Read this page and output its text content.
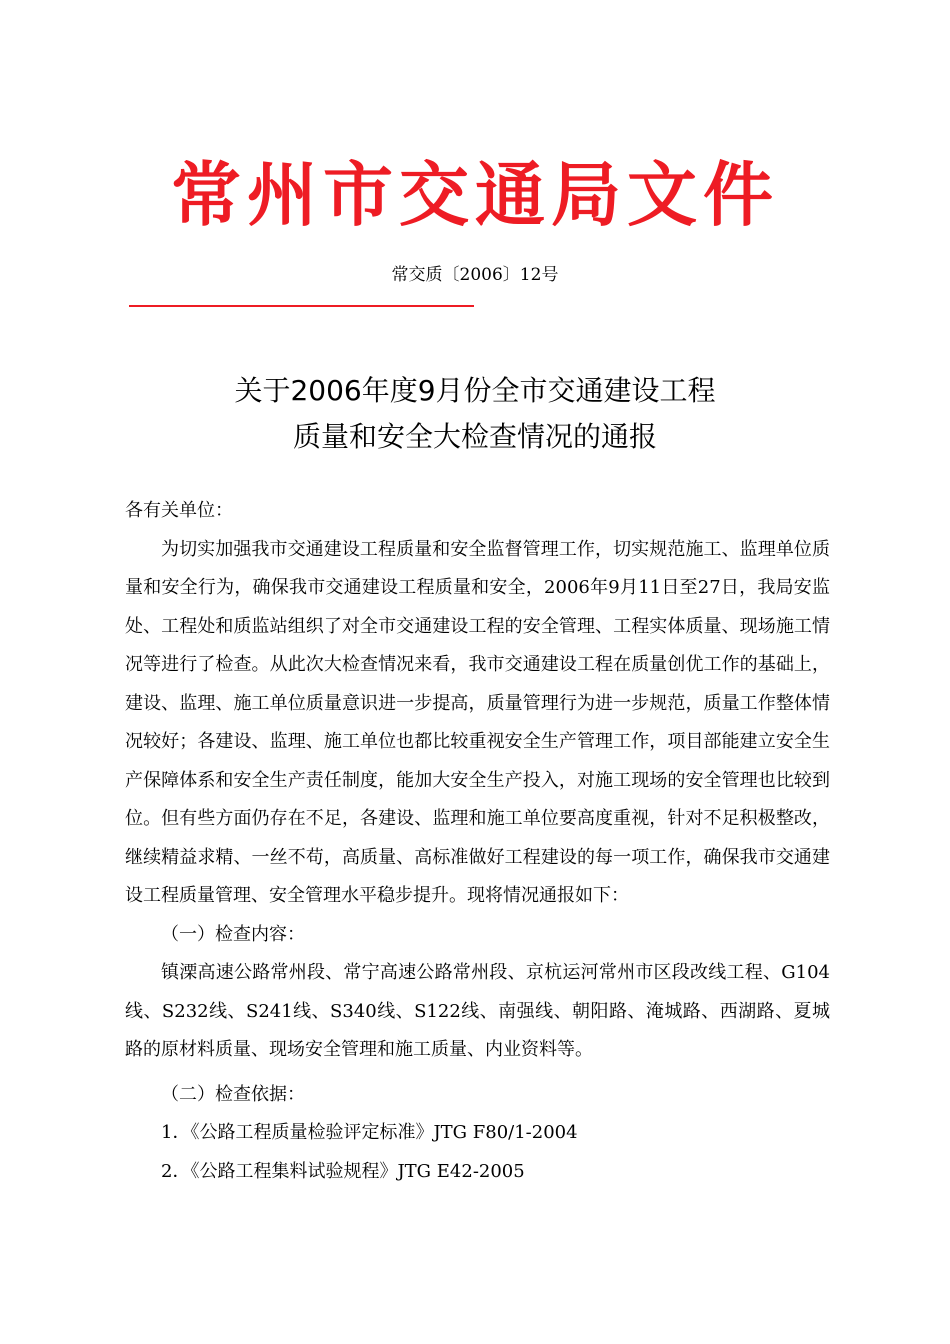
常州市交通局文件
常交质〔2006〕12号
关于2006年度9月份全市交通建设工程
质量和安全大检查情况的通报

各有关单位：

为切实加强我市交通建设工程质量和安全监督管理工作，切实规范施工、监理单位质量和安全行为，确保我市交通建设工程质量和安全，2006年9月11日至27日，我局安监处、工程处和质监站组织了对全市交通建设工程的安全管理、工程实体质量、现场施工情况等进行了检查。从此次大检查情况来看，我市交通建设工程在质量创优工作的基础上，建设、监理、施工单位质量意识进一步提高，质量管理行为进一步规范，质量工作整体情况较好；各建设、监理、施工单位也都比较重视安全生产管理工作，项目部能建立安全生产保障体系和安全生产责任制度，能加大安全生产投入，对施工现场的安全管理也比较到位。但有些方面仍存在不足，各建设、监理和施工单位要高度重视，针对不足积极整改，继续精益求精、一丝不苟，高质量、高标准做好工程建设的每一项工作，确保我市交通建设工程质量管理、安全管理水平稳步提升。现将情况通报如下：

（一）检查内容：

镇溧高速公路常州段、常宁高速公路常州段、京杭运河常州市区段改线工程、G104线、S232线、S241线、S340线、S122线、南强线、朝阳路、淹城路、西湖路、夏城路的原材料质量、现场安全管理和施工质量、内业资料等。

（二）检查依据：

1．《公路工程质量检验评定标准》JTG F80/1-2004

2．《公路工程集料试验规程》JTG E42-2005
